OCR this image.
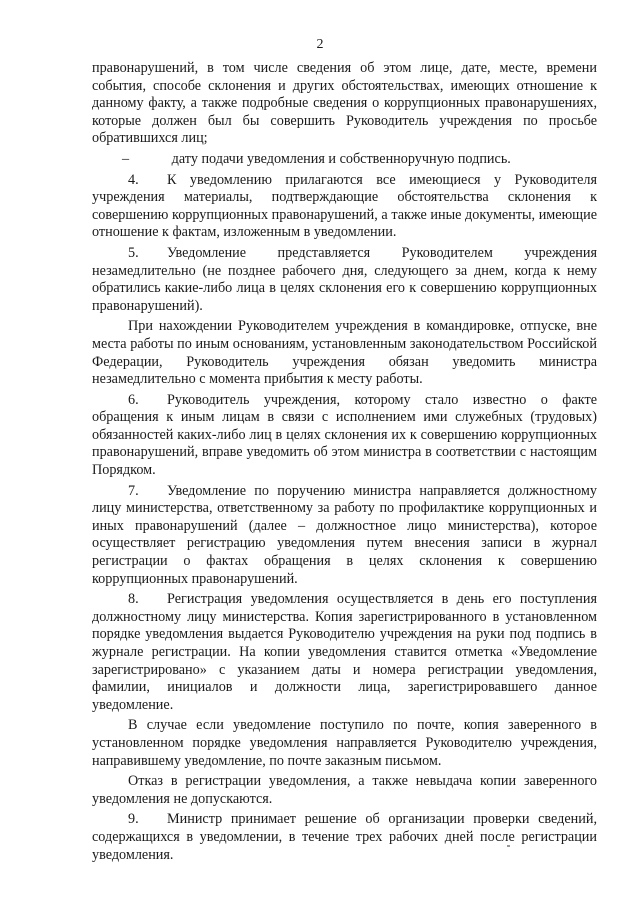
2

правонарушений, в том числе сведения об этом лице, дате, месте, времени события, способе склонения и других обстоятельствах, имеющих отношение к данному факту, а также подробные сведения о коррупционных правонарушениях, которые должен был бы совершить Руководитель учреждения по просьбе обратившихся лиц;

–   дату подачи уведомления и собственноручную подпись.

4.  К уведомлению прилагаются все имеющиеся у Руководителя учреждения материалы, подтверждающие обстоятельства склонения к совершению коррупционных правонарушений, а также иные документы, имеющие отношение к фактам, изложенным в уведомлении.

5.  Уведомление представляется Руководителем учреждения незамедлительно (не позднее рабочего дня, следующего за днем, когда к нему обратились какие-либо лица в целях склонения его к совершению коррупционных правонарушений).

При нахождении Руководителем учреждения в командировке, отпуске, вне места работы по иным основаниям, установленным законодательством Российской Федерации, Руководитель учреждения обязан уведомить министра незамедлительно с момента прибытия к месту работы.

6.  Руководитель учреждения, которому стало известно о факте обращения к иным лицам в связи с исполнением ими служебных (трудовых) обязанностей каких-либо лиц в целях склонения их к совершению коррупционных правонарушений, вправе уведомить об этом министра в соответствии с настоящим Порядком.

7.  Уведомление по поручению министра направляется должностному лицу министерства, ответственному за работу по профилактике коррупционных и иных правонарушений (далее – должностное лицо министерства), которое осуществляет регистрацию уведомления путем внесения записи в журнал регистрации о фактах обращения в целях склонения к совершению коррупционных правонарушений.

8.  Регистрация уведомления осуществляется в день его поступления должностному лицу министерства. Копия зарегистрированного в установленном порядке уведомления выдается Руководителю учреждения на руки под подпись в журнале регистрации. На копии уведомления ставится отметка «Уведомление зарегистрировано» с указанием даты и номера регистрации уведомления, фамилии, инициалов и должности лица, зарегистрировавшего данное уведомление.

В случае если уведомление поступило по почте, копия заверенного в установленном порядке уведомления направляется Руководителю учреждения, направившему уведомление, по почте заказным письмом.

Отказ в регистрации уведомления, а также невыдача копии заверенного уведомления не допускаются.

9.  Министр принимает решение об организации проверки сведений, содержащихся в уведомлении, в течение трех рабочих дней после регистрации уведомления.
